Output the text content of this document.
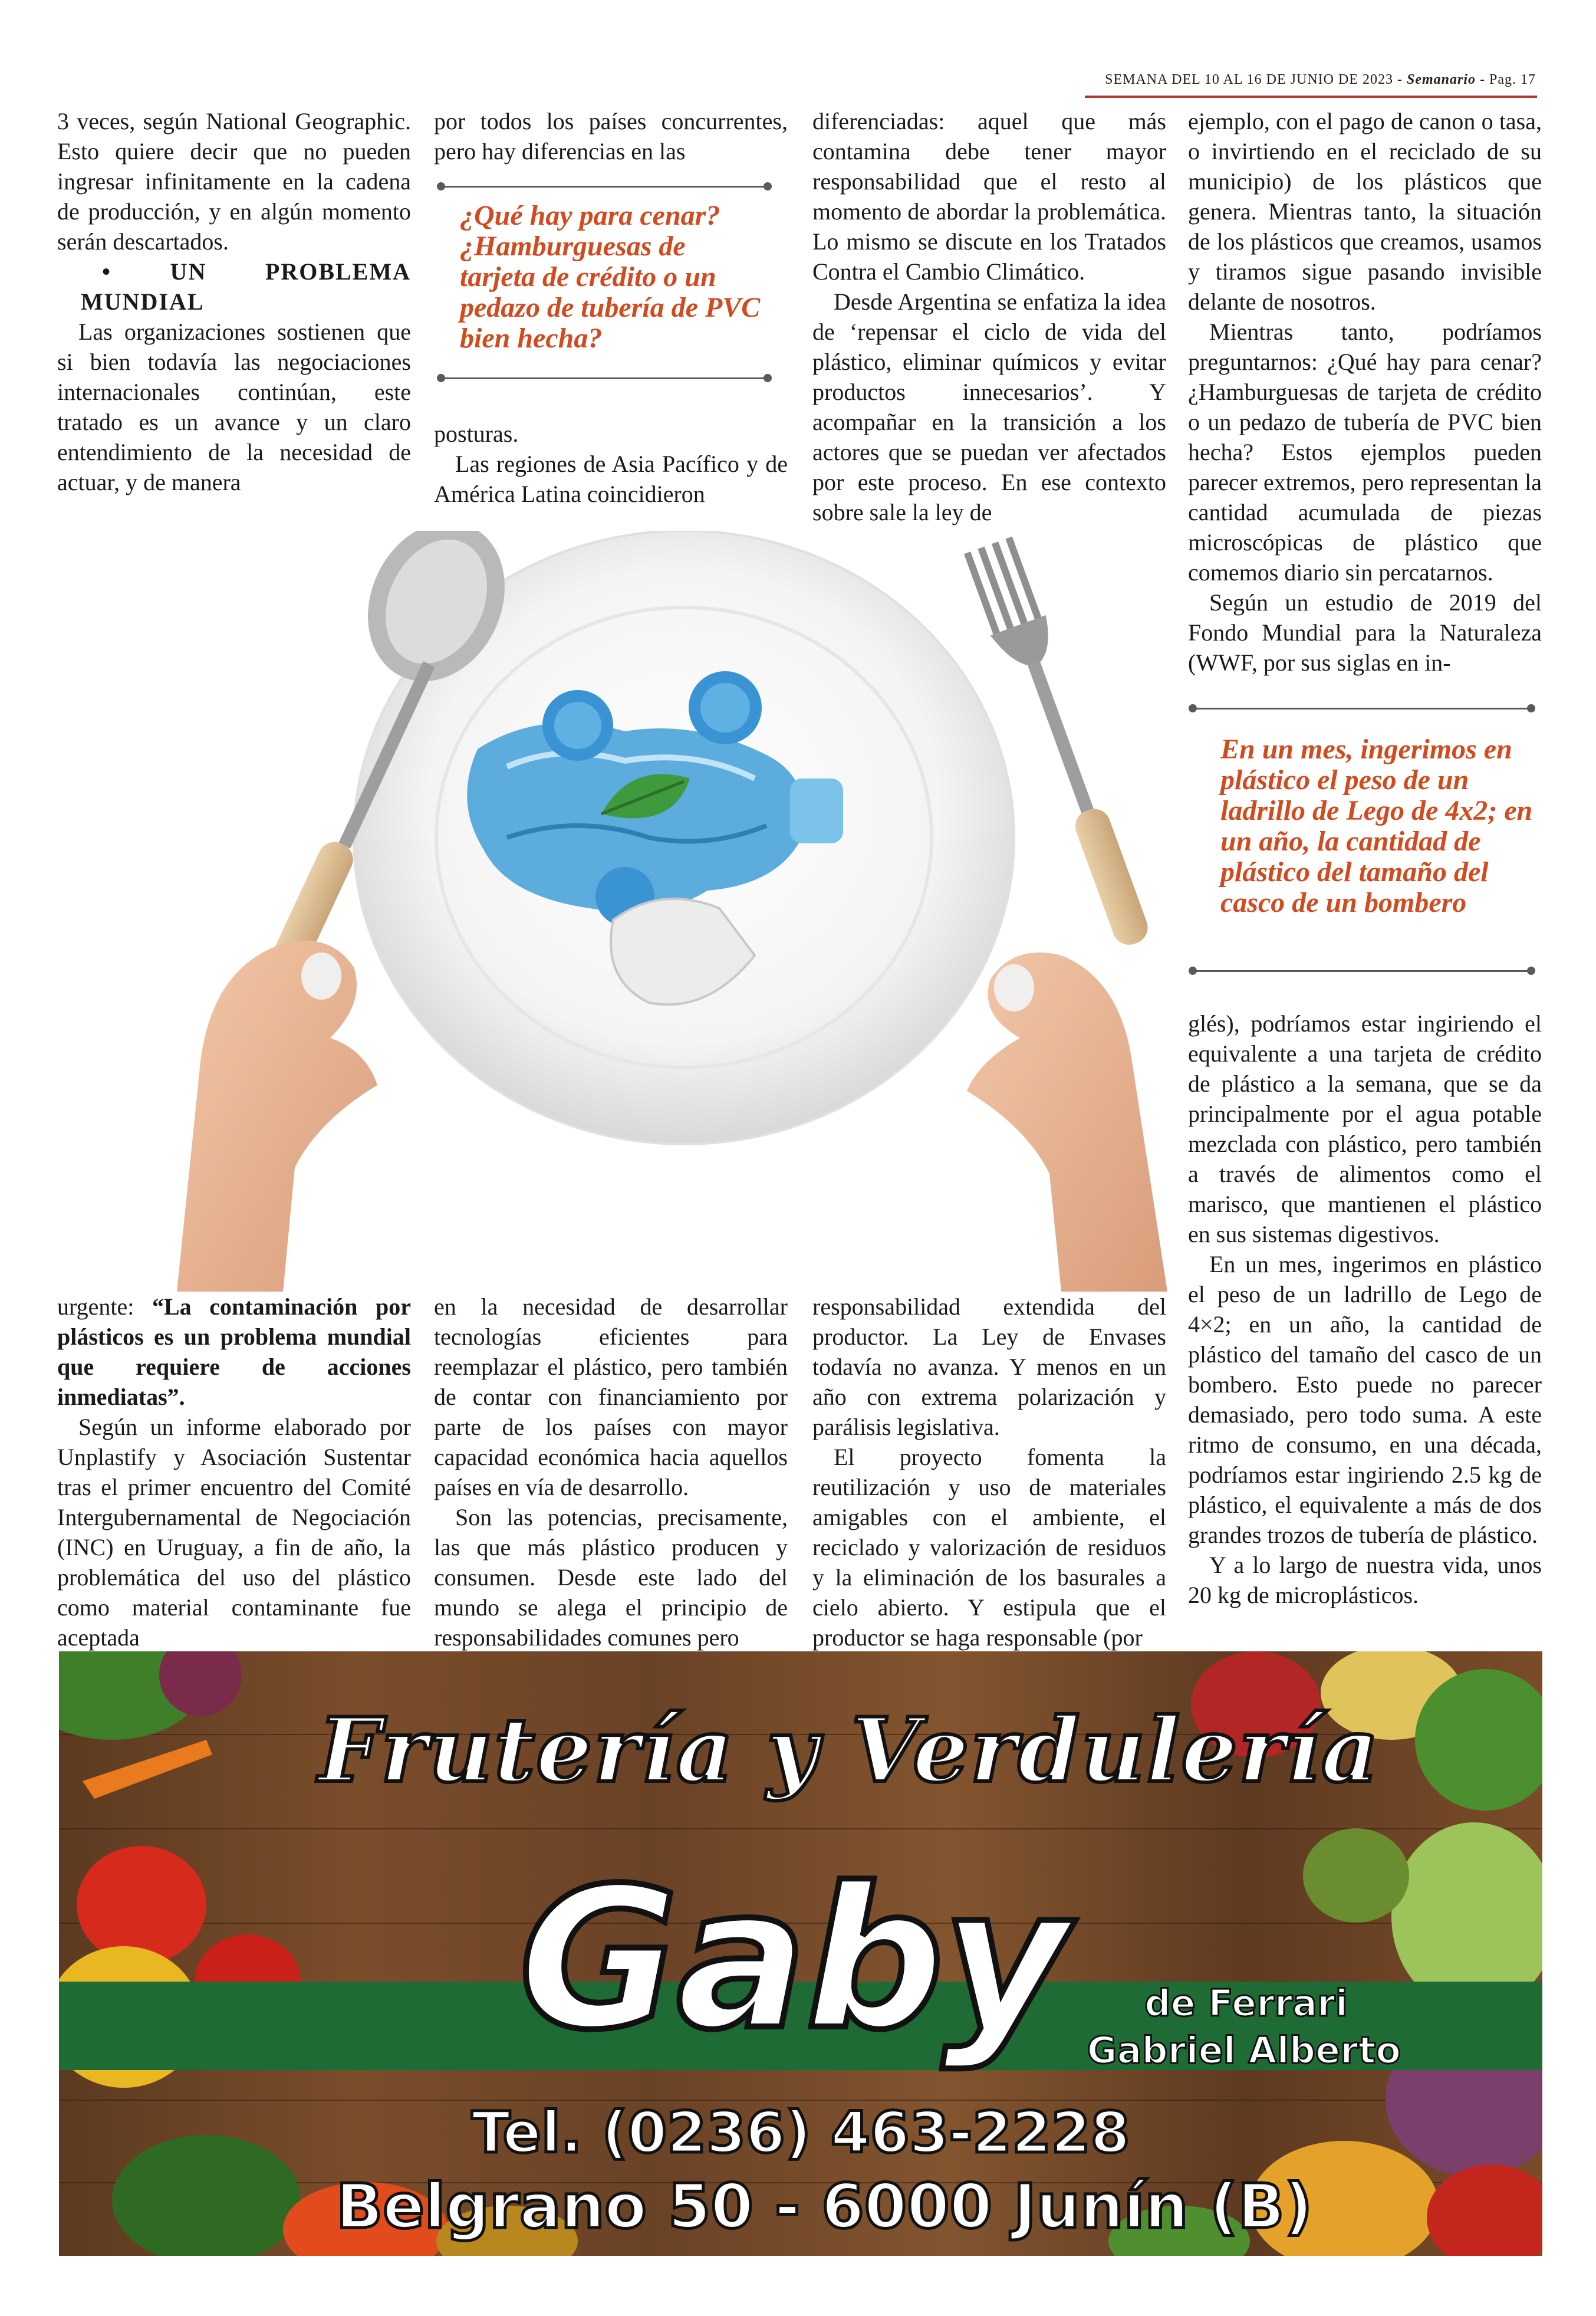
SEMANA DEL 10 AL 16 DE JUNIO DE 2023 - Semanario - Pag. 17

3 veces, según National Geographic. Esto quiere decir que no pueden ingresar infinitamente en la cadena de producción, y en algún momento serán descartados.

• UN PROBLEMA MUNDIAL

Las organizaciones sostienen que si bien todavía las negociaciones internacionales continúan, este tratado es un avance y un claro entendimiento de la necesidad de actuar, y de manera

por todos los países concurrentes, pero hay diferencias en las

¿Qué hay para cenar? ¿Hamburguesas de tarjeta de crédito o un pedazo de tubería de PVC bien hecha?

posturas.

Las regiones de Asia Pacífico y de América Latina coincidieron

diferenciadas: aquel que más contamina debe tener mayor responsabilidad que el resto al momento de abordar la problemática. Lo mismo se discute en los Tratados Contra el Cambio Climático.

Desde Argentina se enfatiza la idea de ‘repensar el ciclo de vida del plástico, eliminar químicos y evitar productos innecesarios’. Y acompañar en la transición a los actores que se puedan ver afectados por este proceso. En ese contexto sobre sale la ley de

ejemplo, con el pago de canon o tasa, o invirtiendo en el reciclado de su municipio) de los plásticos que genera. Mientras tanto, la situación de los plásticos que creamos, usamos y tiramos sigue pasando invisible delante de nosotros.

Mientras tanto, podríamos preguntarnos: ¿Qué hay para cenar? ¿Hamburguesas de tarjeta de crédito o un pedazo de tubería de PVC bien hecha? Estos ejemplos pueden parecer extremos, pero representan la cantidad acumulada de piezas microscópicas de plástico que comemos diario sin percatarnos.

Según un estudio de 2019 del Fondo Mundial para la Naturaleza (WWF, por sus siglas en in-

En un mes, ingerimos en plástico el peso de un ladrillo de Lego de 4x2; en un año, la cantidad de plástico del tamaño del casco de un bombero

glés), podríamos estar ingiriendo el equivalente a una tarjeta de crédito de plástico a la semana, que se da principalmente por el agua potable mezclada con plástico, pero también a través de alimentos como el marisco, que mantienen el plástico en sus sistemas digestivos.

En un mes, ingerimos en plástico el peso de un ladrillo de Lego de 4×2; en un año, la cantidad de plástico del tamaño del casco de un bombero. Esto puede no parecer demasiado, pero todo suma. A este ritmo de consumo, en una década, podríamos estar ingiriendo 2.5 kg de plástico, el equivalente a más de dos grandes trozos de tubería de plástico.

Y a lo largo de nuestra vida, unos 20 kg de microplásticos.

urgente: “La contaminación por plásticos es un problema mundial que requiere de acciones inmediatas”.

Según un informe elaborado por Unplastify y Asociación Sustentar tras el primer encuentro del Comité Intergubernamental de Negociación (INC) en Uruguay, a fin de año, la problemática del uso del plástico como material contaminante fue aceptada

en la necesidad de desarrollar tecnologías eficientes para reemplazar el plástico, pero también de contar con financiamiento por parte de los países con mayor capacidad económica hacia aquellos países en vía de desarrollo.

Son las potencias, precisamente, las que más plástico producen y consumen. Desde este lado del mundo se alega el principio de responsabilidades comunes pero

responsabilidad extendida del productor. La Ley de Envases todavía no avanza. Y menos en un año con extrema polarización y parálisis legislativa.

El proyecto fomenta la reutilización y uso de materiales amigables con el ambiente, el reciclado y valorización de residuos y la eliminación de los basurales a cielo abierto. Y estipula que el productor se haga responsable (por

Frutería y Verdulería
Gaby de Ferrari
Gabriel Alberto
Tel. (0236) 463-2228
Belgrano 50 - 6000 Junín (B)
